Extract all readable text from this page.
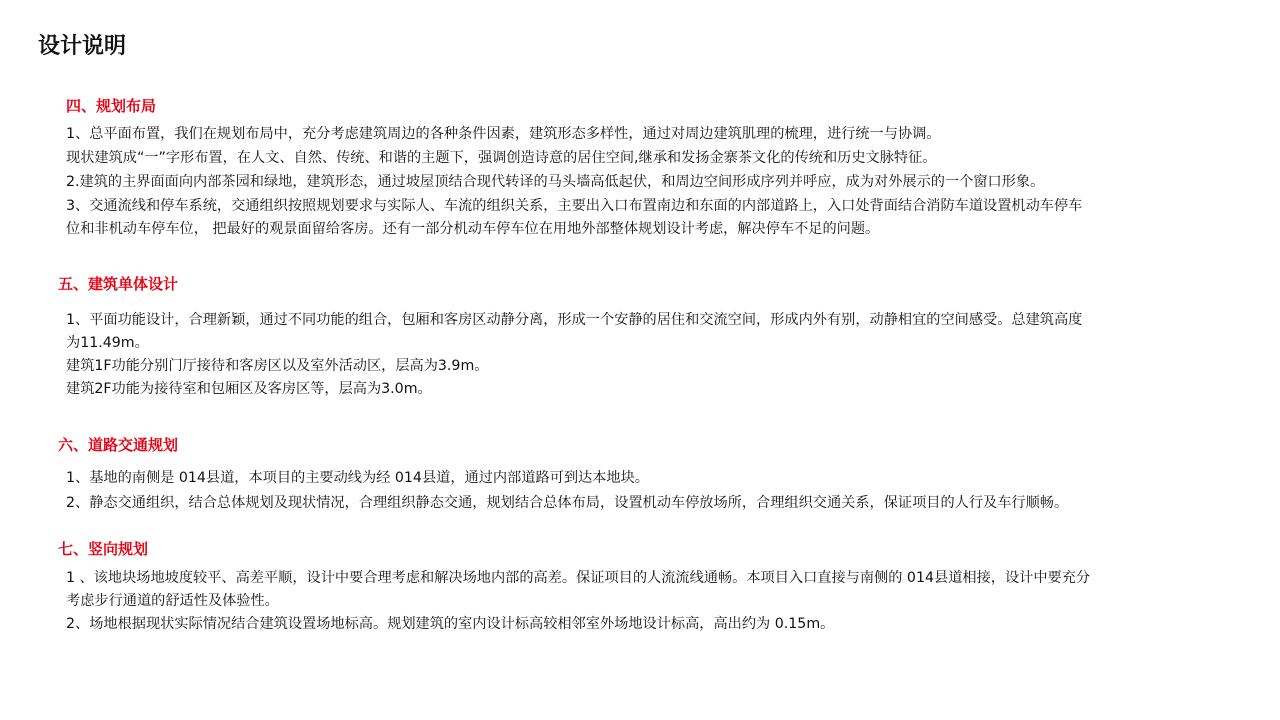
设计说明
四、规划布局
1、总平面布置，我们在规划布局中，充分考虑建筑周边的各种条件因素，建筑形态多样性，通过对周边建筑肌理的梳理，进行统一与协调。
现状建筑成“一”字形布置，在人文、自然、传统、和谐的主题下，强调创造诗意的居住空间,继承和发扬金寨茶文化的传统和历史文脉特征。
2.建筑的主界面面向内部茶园和绿地，建筑形态，通过坡屋顶结合现代转译的马头墙高低起伏，和周边空间形成序列并呼应，成为对外展示的一个窗口形象。
3、交通流线和停车系统，交通组织按照规划要求与实际人、车流的组织关系，主要出入口布置南边和东面的内部道路上，入口处背面结合消防车道设置机动车停车
位和非机动车停车位， 把最好的观景面留给客房。还有一部分机动车停车位在用地外部整体规划设计考虑，解决停车不足的问题。
五、建筑单体设计
1、平面功能设计，合理新颖，通过不同功能的组合，包厢和客房区动静分离，形成一个安静的居住和交流空间，形成内外有别，动静相宜的空间感受。总建筑高度
为11.49m。
建筑1F功能分别门厅接待和客房区以及室外活动区，层高为3.9m。
建筑2F功能为接待室和包厢区及客房区等，层高为3.0m。
六、道路交通规划
1、基地的南侧是 014县道，本项目的主要动线为经 014县道，通过内部道路可到达本地块。
2、静态交通组织，结合总体规划及现状情况，合理组织静态交通，规划结合总体布局，设置机动车停放场所，合理组织交通关系，保证项目的人行及车行顺畅。
七、竖向规划
1 、该地块场地坡度较平、高差平顺，设计中要合理考虑和解决场地内部的高差。保证项目的人流流线通畅。本项目入口直接与南侧的 014县道相接，设计中要充分
考虑步行通道的舒适性及体验性。
2、场地根据现状实际情况结合建筑设置场地标高。规划建筑的室内设计标高较相邻室外场地设计标高，高出约为 0.15m。
